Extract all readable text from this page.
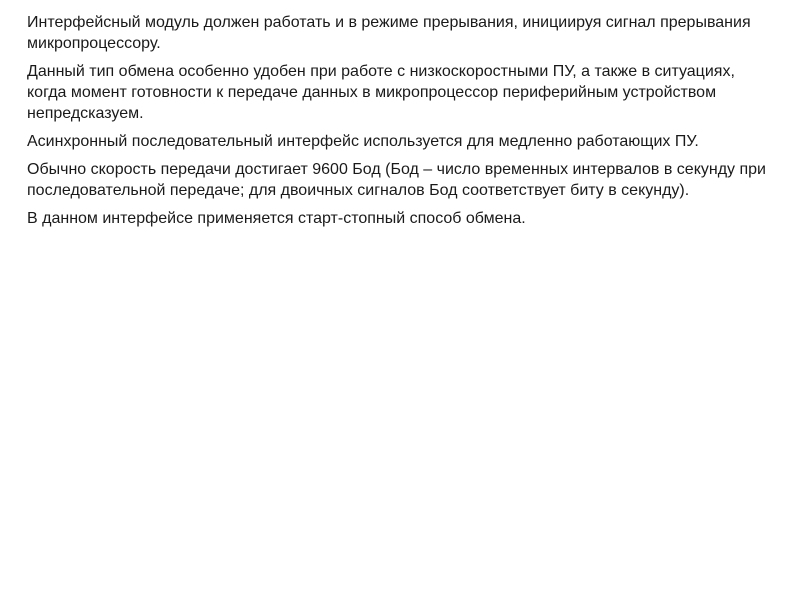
Интерфейсный модуль должен работать и в режиме прерывания, инициируя сигнал прерывания микропроцессору.

Данный тип обмена особенно удобен при работе с низкоскоростными ПУ, а также в ситуациях, когда момент готовности к передаче данных в микропроцессор периферийным устройством непредсказуем.

Асинхронный последовательный интерфейс используется для медленно работающих ПУ.

Обычно скорость передачи достигает 9600 Бод (Бод – число временных интервалов в секунду при последовательной передаче; для двоичных сигналов Бод соответствует биту в секунду).

В данном интерфейсе применяется старт-стопный способ обмена.
